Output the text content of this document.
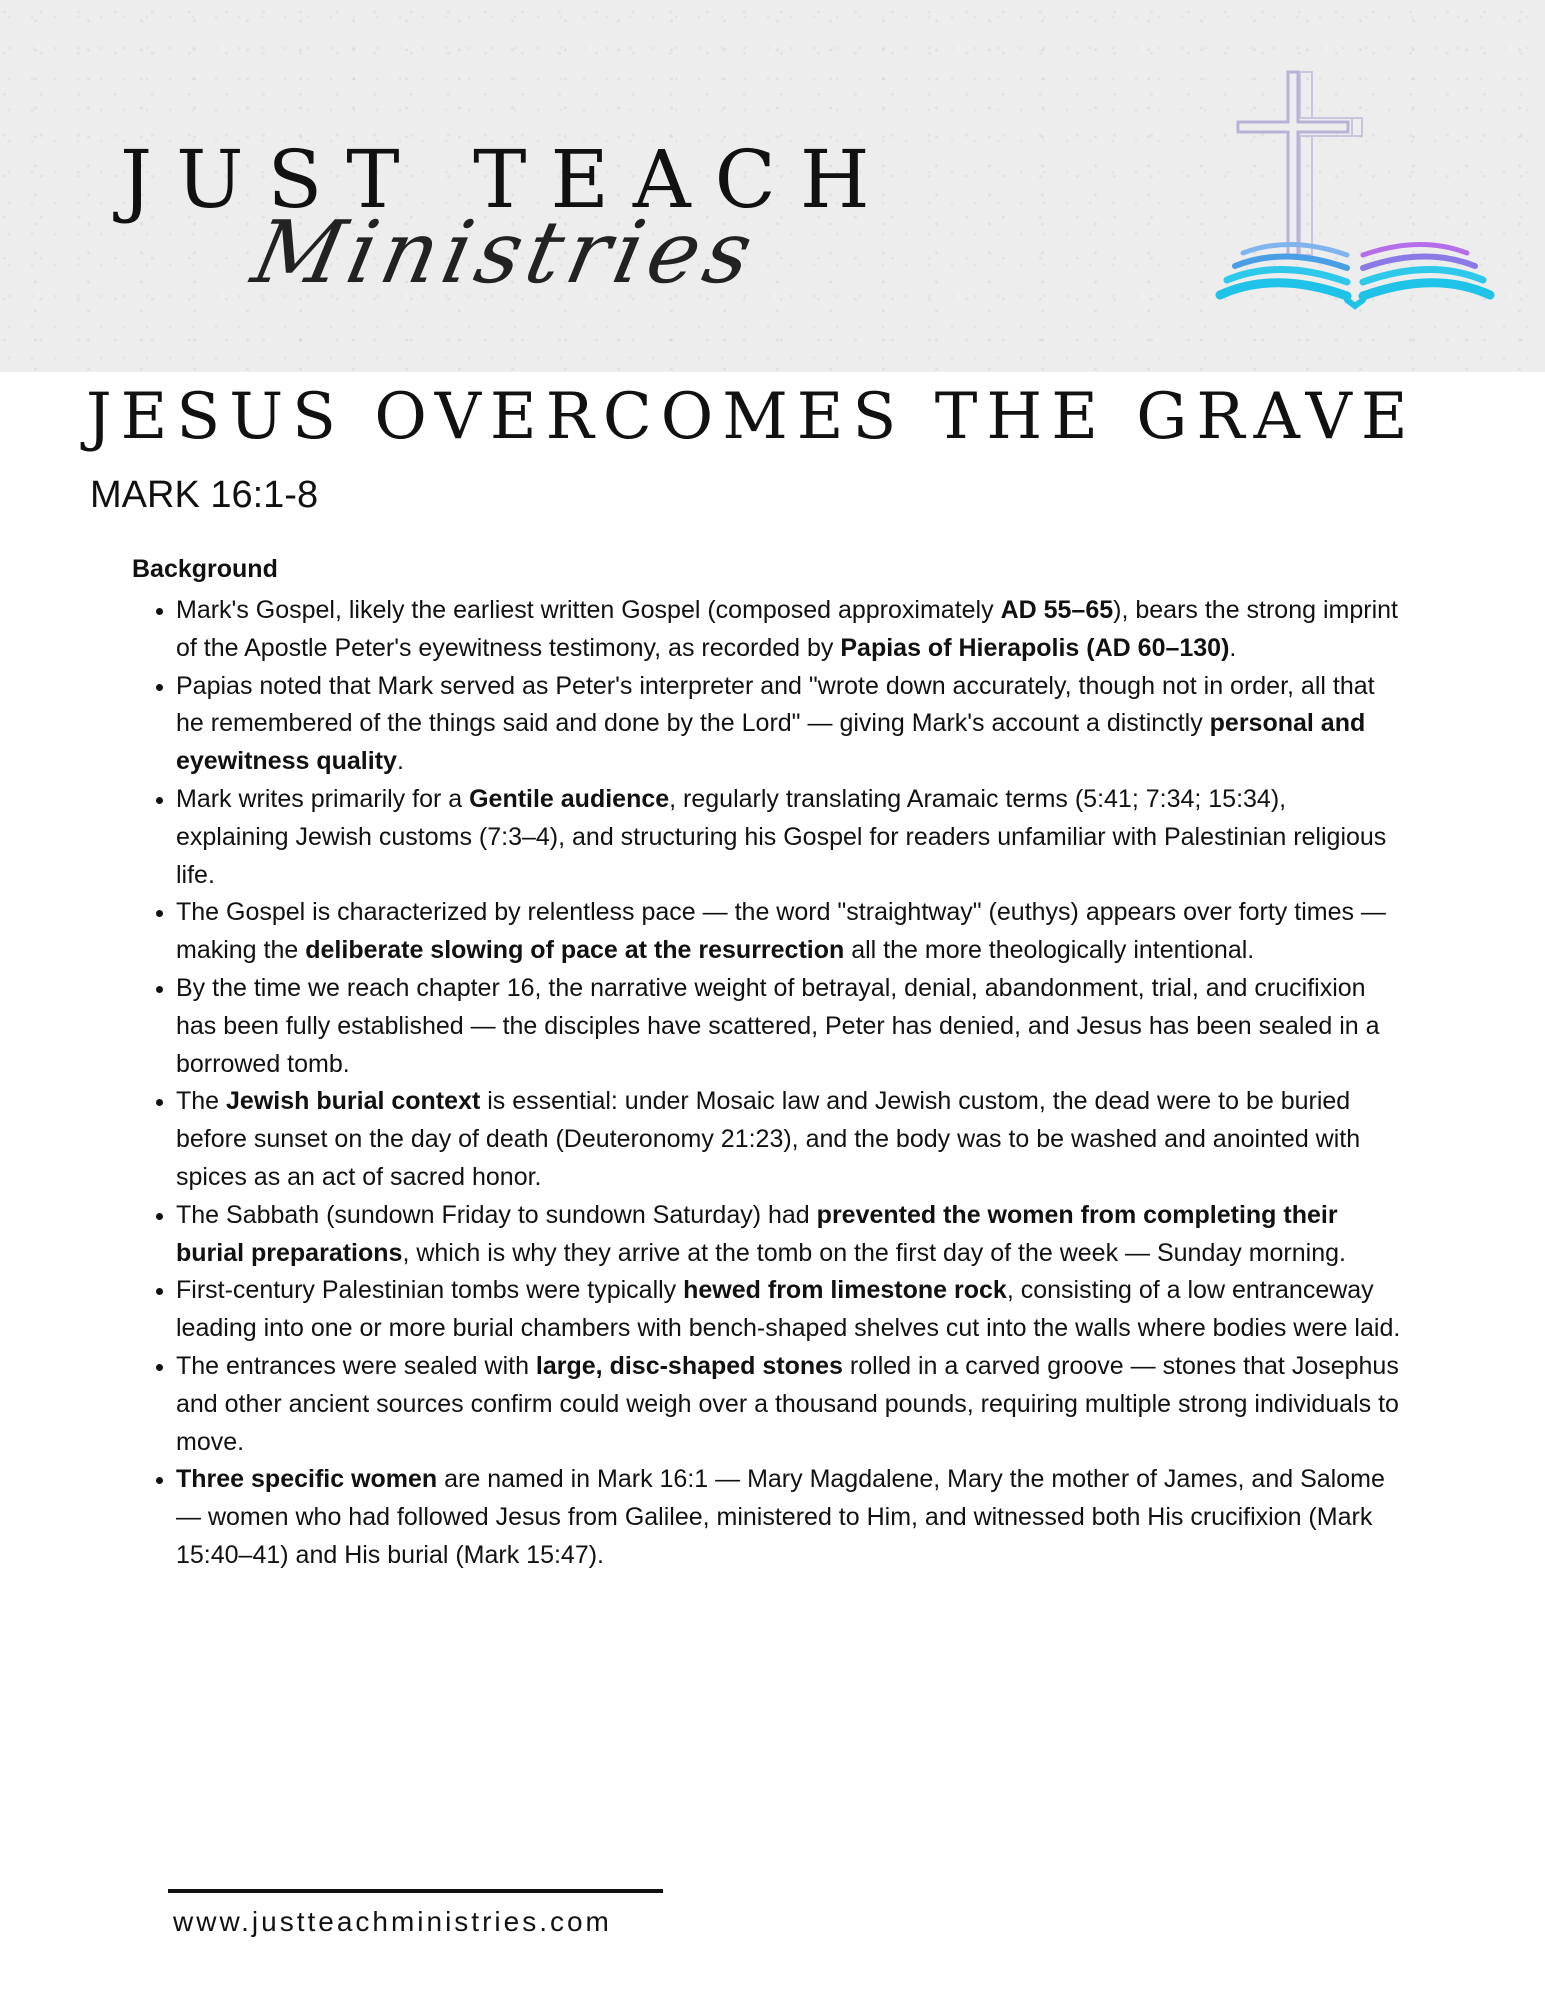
JUST TEACH
Ministries
JESUS OVERCOMES THE GRAVE
MARK 16:1-8
Background
• Mark's Gospel, likely the earliest written Gospel (composed approximately AD 55–65), bears the strong imprint of the Apostle Peter's eyewitness testimony, as recorded by Papias of Hierapolis (AD 60–130).
• Papias noted that Mark served as Peter's interpreter and "wrote down accurately, though not in order, all that he remembered of the things said and done by the Lord" — giving Mark's account a distinctly personal and eyewitness quality.
• Mark writes primarily for a Gentile audience, regularly translating Aramaic terms (5:41; 7:34; 15:34), explaining Jewish customs (7:3–4), and structuring his Gospel for readers unfamiliar with Palestinian religious life.
• The Gospel is characterized by relentless pace — the word "straightway" (euthys) appears over forty times — making the deliberate slowing of pace at the resurrection all the more theologically intentional.
• By the time we reach chapter 16, the narrative weight of betrayal, denial, abandonment, trial, and crucifixion has been fully established — the disciples have scattered, Peter has denied, and Jesus has been sealed in a borrowed tomb.
• The Jewish burial context is essential: under Mosaic law and Jewish custom, the dead were to be buried before sunset on the day of death (Deuteronomy 21:23), and the body was to be washed and anointed with spices as an act of sacred honor.
• The Sabbath (sundown Friday to sundown Saturday) had prevented the women from completing their burial preparations, which is why they arrive at the tomb on the first day of the week — Sunday morning.
• First-century Palestinian tombs were typically hewed from limestone rock, consisting of a low entranceway leading into one or more burial chambers with bench-shaped shelves cut into the walls where bodies were laid.
• The entrances were sealed with large, disc-shaped stones rolled in a carved groove — stones that Josephus and other ancient sources confirm could weigh over a thousand pounds, requiring multiple strong individuals to move.
• Three specific women are named in Mark 16:1 — Mary Magdalene, Mary the mother of James, and Salome — women who had followed Jesus from Galilee, ministered to Him, and witnessed both His crucifixion (Mark 15:40–41) and His burial (Mark 15:47).
www.justteachministries.com
